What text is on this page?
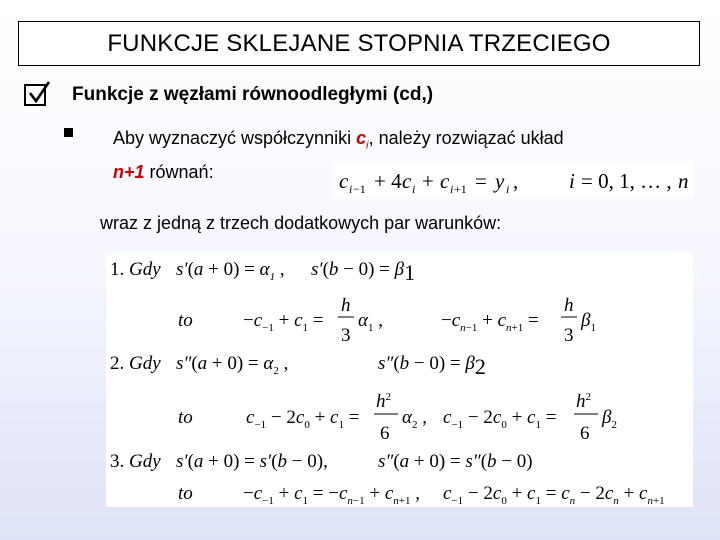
FUNKCJE SKLEJANE STOPNIA TRZECIEGO
Funkcje z węzłami równoodległymi (cd,)
Aby wyznaczyć współczynniki $c_i$, należy rozwiązać układ
n+1 równań:	c i −1 + 4 c i + c i +1 = y i , i = 0, 1, … , n
wraz z jedną z trzech dodatkowych par warunków:
1. Gdy $s'(a + 0) = \alpha_1$ , s′(b − 0) = β1
to	$-c_{-1} + c_1$ =
h
3
$\alpha_1$ ,	$-c_n-1 + c_n+1$ =
h
3
$\beta_1$
2. Gdy $s''(a + 0) = \alpha_2$ ,	s″(b − 0) = β2
to	$c_{-1} - 2c_0 + c_1$ =
$h^2$
6
$\alpha_2$ , $c_{-1} - 2c_0 + c_1$ =
$h^2$
6
$\beta_2$
3. Gdy s′(a + 0) = s′(b − 0),	s″(a + 0) = s″(b − 0)
to	$-c_{-1} + c_1 = -c_n-1 + c_n+1$ , $c_{-1} - 2c_0 + c_1 = c_n - 2c_n + c_n+1$
